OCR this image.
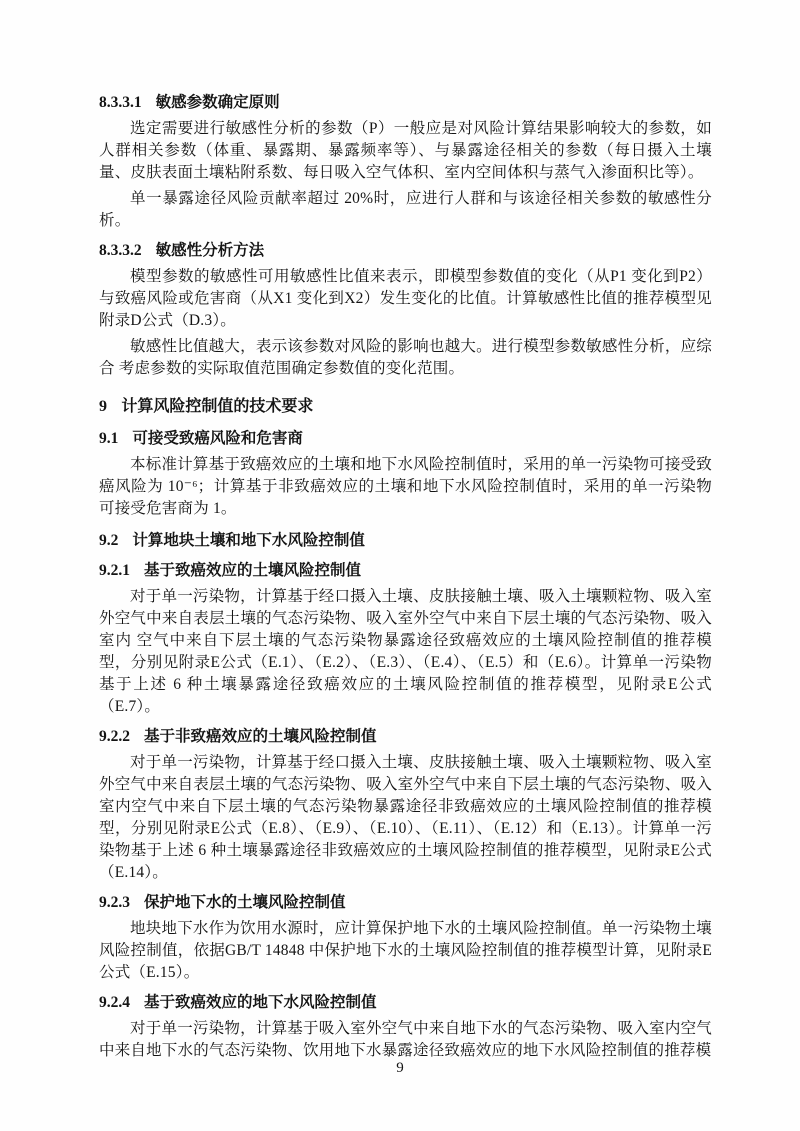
8.3.3.1 敏感参数确定原则

选定需要进行敏感性分析的参数（P）一般应是对风险计算结果影响较大的参数，如人群相关参数（体重、暴露期、暴露频率等）、与暴露途径相关的参数（每日摄入土壤量、皮肤表面土壤粘附系数、每日吸入空气体积、室内空间体积与蒸气入渗面积比等）。

单一暴露途径风险贡献率超过 20%时，应进行人群和与该途径相关参数的敏感性分析。

8.3.3.2 敏感性分析方法

模型参数的敏感性可用敏感性比值来表示，即模型参数值的变化（从P1 变化到P2）与致癌风险或危害商（从X1 变化到X2）发生变化的比值。计算敏感性比值的推荐模型见附录D公式（D.3）。

敏感性比值越大，表示该参数对风险的影响也越大。进行模型参数敏感性分析，应综合 考虑参数的实际取值范围确定参数值的变化范围。

9 计算风险控制值的技术要求
9.1 可接受致癌风险和危害商

本标准计算基于致癌效应的土壤和地下水风险控制值时，采用的单一污染物可接受致癌风险为 10⁻⁶；计算基于非致癌效应的土壤和地下水风险控制值时，采用的单一污染物可接受危害商为 1。

9.2 计算地块土壤和地下水风险控制值
9.2.1 基于致癌效应的土壤风险控制值

对于单一污染物，计算基于经口摄入土壤、皮肤接触土壤、吸入土壤颗粒物、吸入室外空气中来自表层土壤的气态污染物、吸入室外空气中来自下层土壤的气态污染物、吸入室内 空气中来自下层土壤的气态污染物暴露途径致癌效应的土壤风险控制值的推荐模型，分别见附录E公式（E.1）、（E.2）、（E.3）、（E.4）、（E.5）和（E.6）。计算单一污染物基于上述 6 种土壤暴露途径致癌效应的土壤风险控制值的推荐模型，见附录E公式（E.7）。

9.2.2 基于非致癌效应的土壤风险控制值

对于单一污染物，计算基于经口摄入土壤、皮肤接触土壤、吸入土壤颗粒物、吸入室外空气中来自表层土壤的气态污染物、吸入室外空气中来自下层土壤的气态污染物、吸入室内空气中来自下层土壤的气态污染物暴露途径非致癌效应的土壤风险控制值的推荐模型，分别见附录E公式（E.8）、（E.9）、（E.10）、（E.11）、（E.12）和（E.13）。计算单一污染物基于上述 6 种土壤暴露途径非致癌效应的土壤风险控制值的推荐模型，见附录E公式（E.14）。

9.2.3 保护地下水的土壤风险控制值

地块地下水作为饮用水源时，应计算保护地下水的土壤风险控制值。单一污染物土壤风险控制值，依据GB/T 14848 中保护地下水的土壤风险控制值的推荐模型计算，见附录E公式（E.15）。

9.2.4 基于致癌效应的地下水风险控制值

对于单一污染物，计算基于吸入室外空气中来自地下水的气态污染物、吸入室内空气中来自地下水的气态污染物、饮用地下水暴露途径致癌效应的地下水风险控制值的推荐模

9
